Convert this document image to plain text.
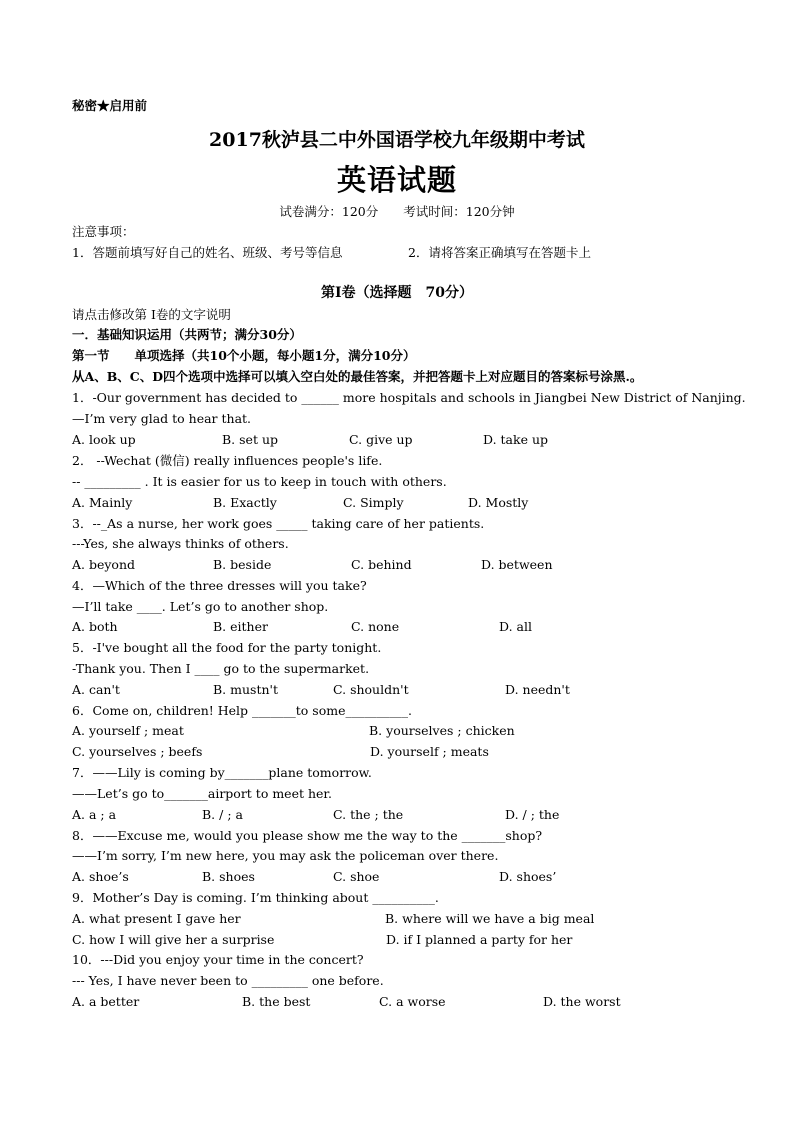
秘密★启用前
2017秋泸县二中外国语学校九年级期中考试
英语试题
试卷满分：120分　　考试时间：120分钟
注意事项：
1．答题前填写好自己的姓名、班级、考号等信息	2．请将答案正确填写在答题卡上
第I卷（选择题　70分）
请点击修改第 I卷的文字说明
一．基础知识运用（共两节；满分30分）
第一节　　单项选择（共10个小题，每小题1分，满分10分）
从A、B、C、D四个选项中选择可以填入空白处的最佳答案，并把答题卡上对应题目的答案标号涂黑.。
1．-Our government has decided to ______ more hospitals and schools in Jiangbei New District of Nanjing.
—I’m very glad to hear that.
A. look up	B. set up	C. give up	D. take up
2． --Wechat (微信) really influences people's life.
-- _________ . It is easier for us to keep in touch with others.
A. Mainly	B. Exactly	C. Simply	D. Mostly
3．--_As a nurse, her work goes _____ taking care of her patients.
---Yes, she always thinks of others.
A. beyond	B. beside	C. behind	D. between
4．—Which of the three dresses will you take?
—I’ll take ____. Let’s go to another shop.
A. both	B. either	C. none	D. all
5．-I've bought all the food for the party tonight.
-Thank you. Then I ____ go to the supermarket.
A. can't	B. mustn't	C. shouldn't	D. needn't
6．Come on, children! Help _______to some__________.
A. yourself ; meat	B. yourselves ; chicken
C. yourselves ; beefs	D. yourself ; meats
7．——Lily is coming by_______plane tomorrow.
——Let’s go to_______airport to meet her.
A. a ; a	B. / ; a	C. the ; the	D. / ; the
8．——Excuse me, would you please show me the way to the _______shop?
——I’m sorry, I’m new here, you may ask the policeman over there.
A. shoe’s	B. shoes	C. shoe	D. shoes’
9．Mother’s Day is coming. I’m thinking about __________.
A. what present I gave her	B. where will we have a big meal
C. how I will give her a surprise	D. if I planned a party for her
10．---Did you enjoy your time in the concert?
--- Yes, I have never been to _________ one before.
A. a better	B. the best	C. a worse	D. the worst
